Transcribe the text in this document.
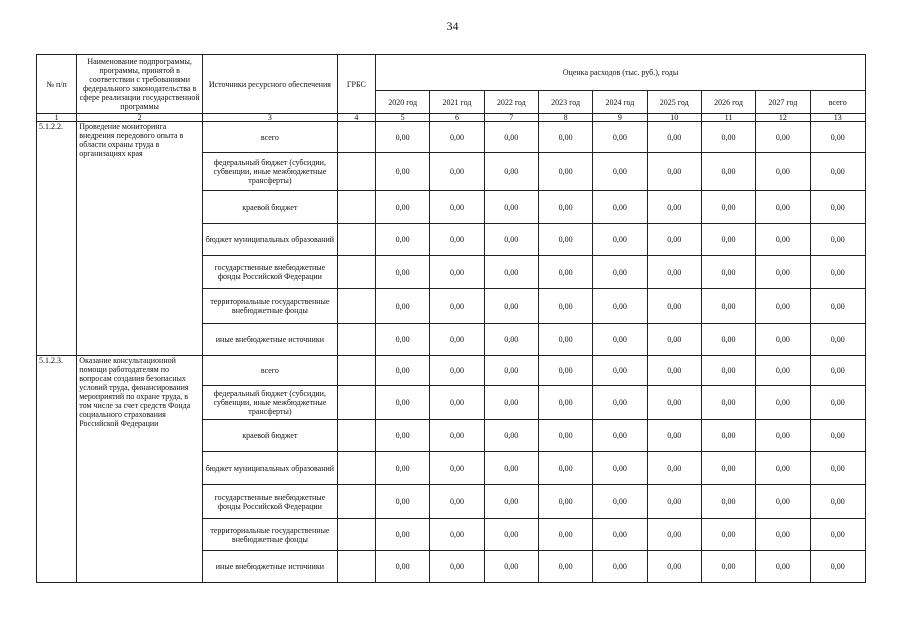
34
№ п/п	Наименование подпрограммы, программы, принятой в соответствии с требованиями федерального законодательства в сфере реализации государственной программы	Источники ресурсного обеспечения	ГРБС	Оценка расходов (тыс. руб.), годы								
				2020 год	2021 год	2022 год	2023 год	2024 год	2025 год	2026 год	2027 год	всего
1	2	3	4	5	6	7	8	9	10	11	12	13
5.1.2.2.	Проведение мониторинга внедрения передового опыта в области охраны труда в организациях края	всего		0,00	0,00	0,00	0,00	0,00	0,00	0,00	0,00	0,00
		федеральный бюджет (субсидии, субвенции, иные межбюджетные трансферты)		0,00	0,00	0,00	0,00	0,00	0,00	0,00	0,00	0,00
		краевой бюджет		0,00	0,00	0,00	0,00	0,00	0,00	0,00	0,00	0,00
		бюджет муниципальных образований		0,00	0,00	0,00	0,00	0,00	0,00	0,00	0,00	0,00
		государственные внебюджетные фонды Российской Федерации		0,00	0,00	0,00	0,00	0,00	0,00	0,00	0,00	0,00
		территориальные государственные внебюджетные фонды		0,00	0,00	0,00	0,00	0,00	0,00	0,00	0,00	0,00
		иные внебюджетные источники		0,00	0,00	0,00	0,00	0,00	0,00	0,00	0,00	0,00
5.1.2.3.	Оказание консультационной помощи работодателям по вопросам создания безопасных условий труда, финансирования мероприятий по охране труда, в том числе за счет средств Фонда социального страхования Российской Федерации	всего		0,00	0,00	0,00	0,00	0,00	0,00	0,00	0,00	0,00
		федеральный бюджет (субсидии, субвенции, иные межбюджетные трансферты)		0,00	0,00	0,00	0,00	0,00	0,00	0,00	0,00	0,00
		краевой бюджет		0,00	0,00	0,00	0,00	0,00	0,00	0,00	0,00	0,00
		бюджет муниципальных образований		0,00	0,00	0,00	0,00	0,00	0,00	0,00	0,00	0,00
		государственные внебюджетные фонды Российской Федерации		0,00	0,00	0,00	0,00	0,00	0,00	0,00	0,00	0,00
		территориальные государственные внебюджетные фонды		0,00	0,00	0,00	0,00	0,00	0,00	0,00	0,00	0,00
		иные внебюджетные источники		0,00	0,00	0,00	0,00	0,00	0,00	0,00	0,00	0,00
